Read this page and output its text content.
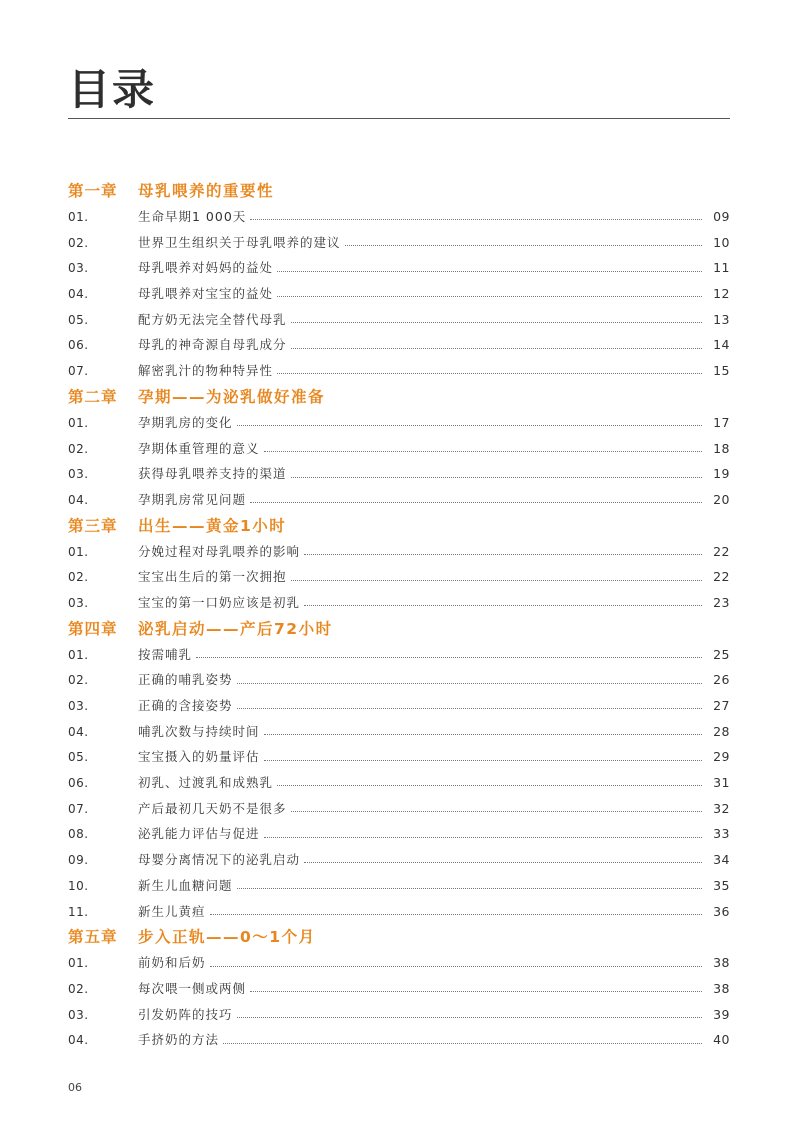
目录
第一章	母乳喂养的重要性
01.	生命早期1 000天	09
02.	世界卫生组织关于母乳喂养的建议	10
03.	母乳喂养对妈妈的益处	11
04.	母乳喂养对宝宝的益处	12
05.	配方奶无法完全替代母乳	13
06.	母乳的神奇源自母乳成分	14
07.	解密乳汁的物种特异性	15
第二章	孕期——为泌乳做好准备
01.	孕期乳房的变化	17
02.	孕期体重管理的意义	18
03.	获得母乳喂养支持的渠道	19
04.	孕期乳房常见问题	20
第三章	出生——黄金1小时
01.	分娩过程对母乳喂养的影响	22
02.	宝宝出生后的第一次拥抱	22
03.	宝宝的第一口奶应该是初乳	23
第四章	泌乳启动——产后72小时
01.	按需哺乳	25
02.	正确的哺乳姿势	26
03.	正确的含接姿势	27
04.	哺乳次数与持续时间	28
05.	宝宝摄入的奶量评估	29
06.	初乳、过渡乳和成熟乳	31
07.	产后最初几天奶不是很多	32
08.	泌乳能力评估与促进	33
09.	母婴分离情况下的泌乳启动	34
10.	新生儿血糖问题	35
11.	新生儿黄疸	36
第五章	步入正轨——0～1个月
01.	前奶和后奶	38
02.	每次喂一侧或两侧	38
03.	引发奶阵的技巧	39
04.	手挤奶的方法	40
06
